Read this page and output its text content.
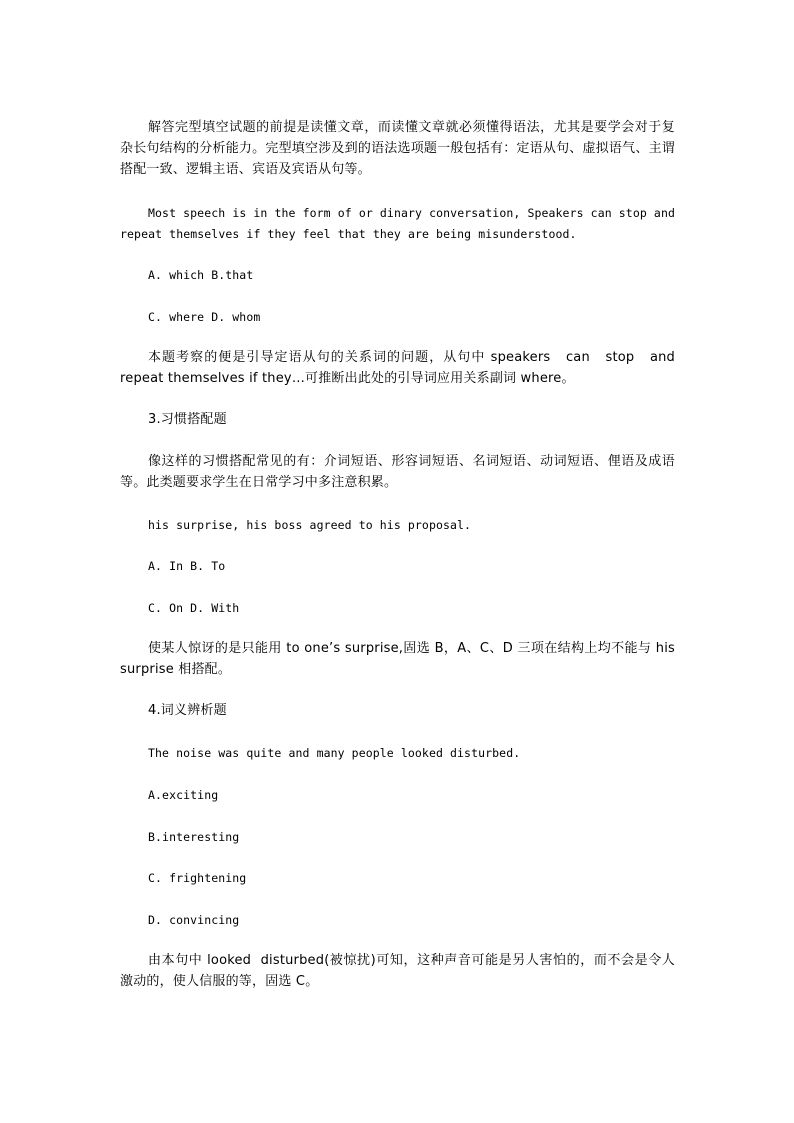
解答完型填空试题的前提是读懂文章，而读懂文章就必须懂得语法，尤其是要学会对于复杂长句结构的分析能力。完型填空涉及到的语法选项题一般包括有：定语从句、虚拟语气、主谓搭配一致、逻辑主语、宾语及宾语从句等。

Most speech is in the form of or dinary conversation, Speakers can stop and repeat themselves if they feel that they are being misunderstood.

A. which B.that

C. where D. whom

本题考察的便是引导定语从句的关系词的问题，从句中 speakers   can   stop   and repeat themselves if they…可推断出此处的引导词应用关系副词 where。

3.习惯搭配题

像这样的习惯搭配常见的有：介词短语、形容词短语、名词短语、动词短语、俚语及成语等。此类题要求学生在日常学习中多注意积累。

his surprise, his boss agreed to his proposal.

A. In B. To

C. On D. With

使某人惊讶的是只能用 to one’s surprise,固选 B，A、C、D 三项在结构上均不能与 his surprise 相搭配。

4.词义辨析题

The noise was quite and many people looked disturbed.

A.exciting

B.interesting

C. frightening

D. convincing

由本句中 looked  disturbed(被惊扰)可知，这种声音可能是另人害怕的，而不会是令人激动的，使人信服的等，固选 C。
